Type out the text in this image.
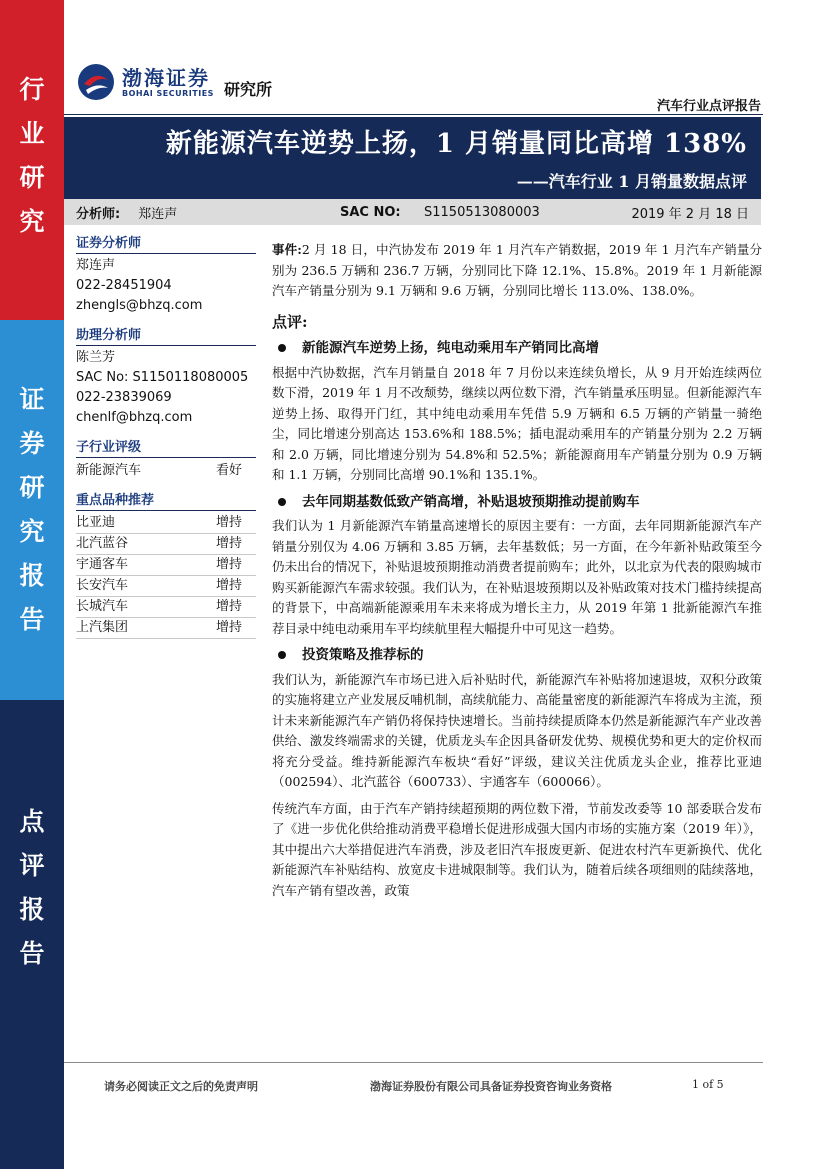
行
业
研
究
证
券
研
究
报
告
点
评
报
告
渤海证券
BOHAI SECURITIES 研究所
汽车行业点评报告
新能源汽车逆势上扬，1 月销量同比高增 138%
——汽车行业 1 月销量数据点评
分析师: 郑连声	SAC NO: S1150513080003	2019 年 2 月 18 日
证券分析师
郑连声
022-28451904
zhengls@bhzq.com
助理分析师
陈兰芳
SAC No: S1150118080005
022-23839069
chenlf@bhzq.com
子行业评级
新能源汽车	看好
重点品种推荐
比亚迪	增持
北汽蓝谷	增持
宇通客车	增持
长安汽车	增持
长城汽车	增持
上汽集团	增持

事件:2 月 18 日，中汽协发布 2019 年 1 月汽车产销数据，2019 年 1 月汽车产销量分别为 236.5 万辆和 236.7 万辆，分别同比下降 12.1%、15.8%。2019 年 1 月新能源汽车产销量分别为 9.1 万辆和 9.6 万辆，分别同比增长 113.0%、138.0%。

点评:
新能源汽车逆势上扬，纯电动乘用车产销同比高增

根据中汽协数据，汽车月销量自 2018 年 7 月份以来连续负增长，从 9 月开始连续两位数下滑，2019 年 1 月不改颓势，继续以两位数下滑，汽车销量承压明显。但新能源汽车逆势上扬、取得开门红，其中纯电动乘用车凭借 5.9 万辆和 6.5 万辆的产销量一骑绝尘，同比增速分别高达 153.6%和 188.5%；插电混动乘用车的产销量分别为 2.2 万辆和 2.0 万辆，同比增速分别为 54.8%和 52.5%；新能源商用车产销量分别为 0.9 万辆和 1.1 万辆，分别同比高增 90.1%和 135.1%。

去年同期基数低致产销高增，补贴退坡预期推动提前购车

我们认为 1 月新能源汽车销量高速增长的原因主要有：一方面，去年同期新能源汽车产销量分别仅为 4.06 万辆和 3.85 万辆，去年基数低；另一方面，在今年新补贴政策至今仍未出台的情况下，补贴退坡预期推动消费者提前购车；此外，以北京为代表的限购城市购买新能源汽车需求较强。我们认为，在补贴退坡预期以及补贴政策对技术门槛持续提高的背景下，中高端新能源乘用车未来将成为增长主力，从 2019 年第 1 批新能源汽车推荐目录中纯电动乘用车平均续航里程大幅提升中可见这一趋势。

投资策略及推荐标的

我们认为，新能源汽车市场已进入后补贴时代，新能源汽车补贴将加速退坡，双积分政策的实施将建立产业发展反哺机制，高续航能力、高能量密度的新能源汽车将成为主流，预计未来新能源汽车产销仍将保持快速增长。当前持续提质降本仍然是新能源汽车产业改善供给、激发终端需求的关键，优质龙头车企因具备研发优势、规模优势和更大的定价权而将充分受益。维持新能源汽车板块“看好”评级，建议关注优质龙头企业，推荐比亚迪（002594）、北汽蓝谷（600733）、宇通客车（600066）。

传统汽车方面，由于汽车产销持续超预期的两位数下滑，节前发改委等 10 部委联合发布了《进一步优化供给推动消费平稳增长促进形成强大国内市场的实施方案（2019 年）》，其中提出六大举措促进汽车消费，涉及老旧汽车报废更新、促进农村汽车更新换代、优化新能源汽车补贴结构、放宽皮卡进城限制等。我们认为，随着后续各项细则的陆续落地，汽车产销有望改善，政策

请务必阅读正文之后的免责声明	渤海证券股份有限公司具备证券投资咨询业务资格	1 of 5
